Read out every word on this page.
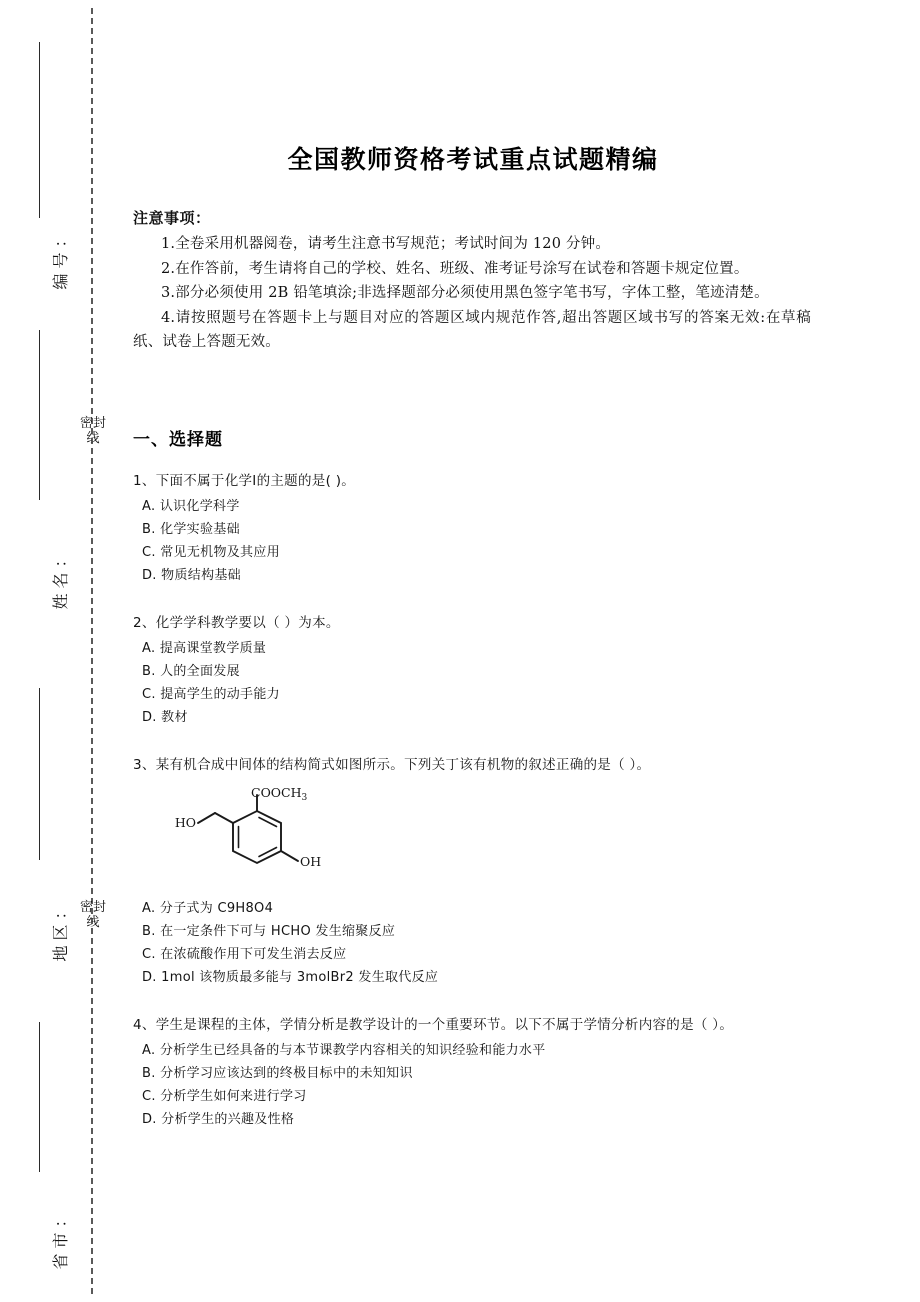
密封线
密封线
编号：
姓名：
地区：
省市：
全国教师资格考试重点试题精编
注意事项：
1.全卷采用机器阅卷，请考生注意书写规范；考试时间为 120 分钟。
2.在作答前，考生请将自己的学校、姓名、班级、准考证号涂写在试卷和答题卡规定位置。
3.部分必须使用 2B 铅笔填涂;非选择题部分必须使用黑色签字笔书写，字体工整，笔迹清楚。
4.请按照题号在答题卡上与题目对应的答题区域内规范作答,超出答题区域书写的答案无效:在草稿纸、试卷上答题无效。
一、选择题
1、下面不属于化学Ⅰ的主题的是( )。
A. 认识化学科学
B. 化学实验基础
C. 常见无机物及其应用
D. 物质结构基础
2、化学学科教学要以（ ）为本。
A. 提高课堂教学质量
B. 人的全面发展
C. 提高学生的动手能力
D. 教材
3、某有机合成中间体的结构简式如图所示。下列关丁该有机物的叙述正确的是（ ）。
$COOCH_3$
HO
OH
A. 分子式为 C9H8O4
B. 在一定条件下可与 HCHO 发生缩聚反应
C. 在浓硫酸作用下可发生消去反应
D. 1mol 该物质最多能与 3molBr2 发生取代反应
4、学生是课程的主体，学情分析是教学设计的一个重要环节。以下不属于学情分析内容的是（ ）。
A. 分析学生已经具备的与本节课教学内容相关的知识经验和能力水平
B. 分析学习应该达到的终极目标中的未知知识
C. 分析学生如何来进行学习
D. 分析学生的兴趣及性格
